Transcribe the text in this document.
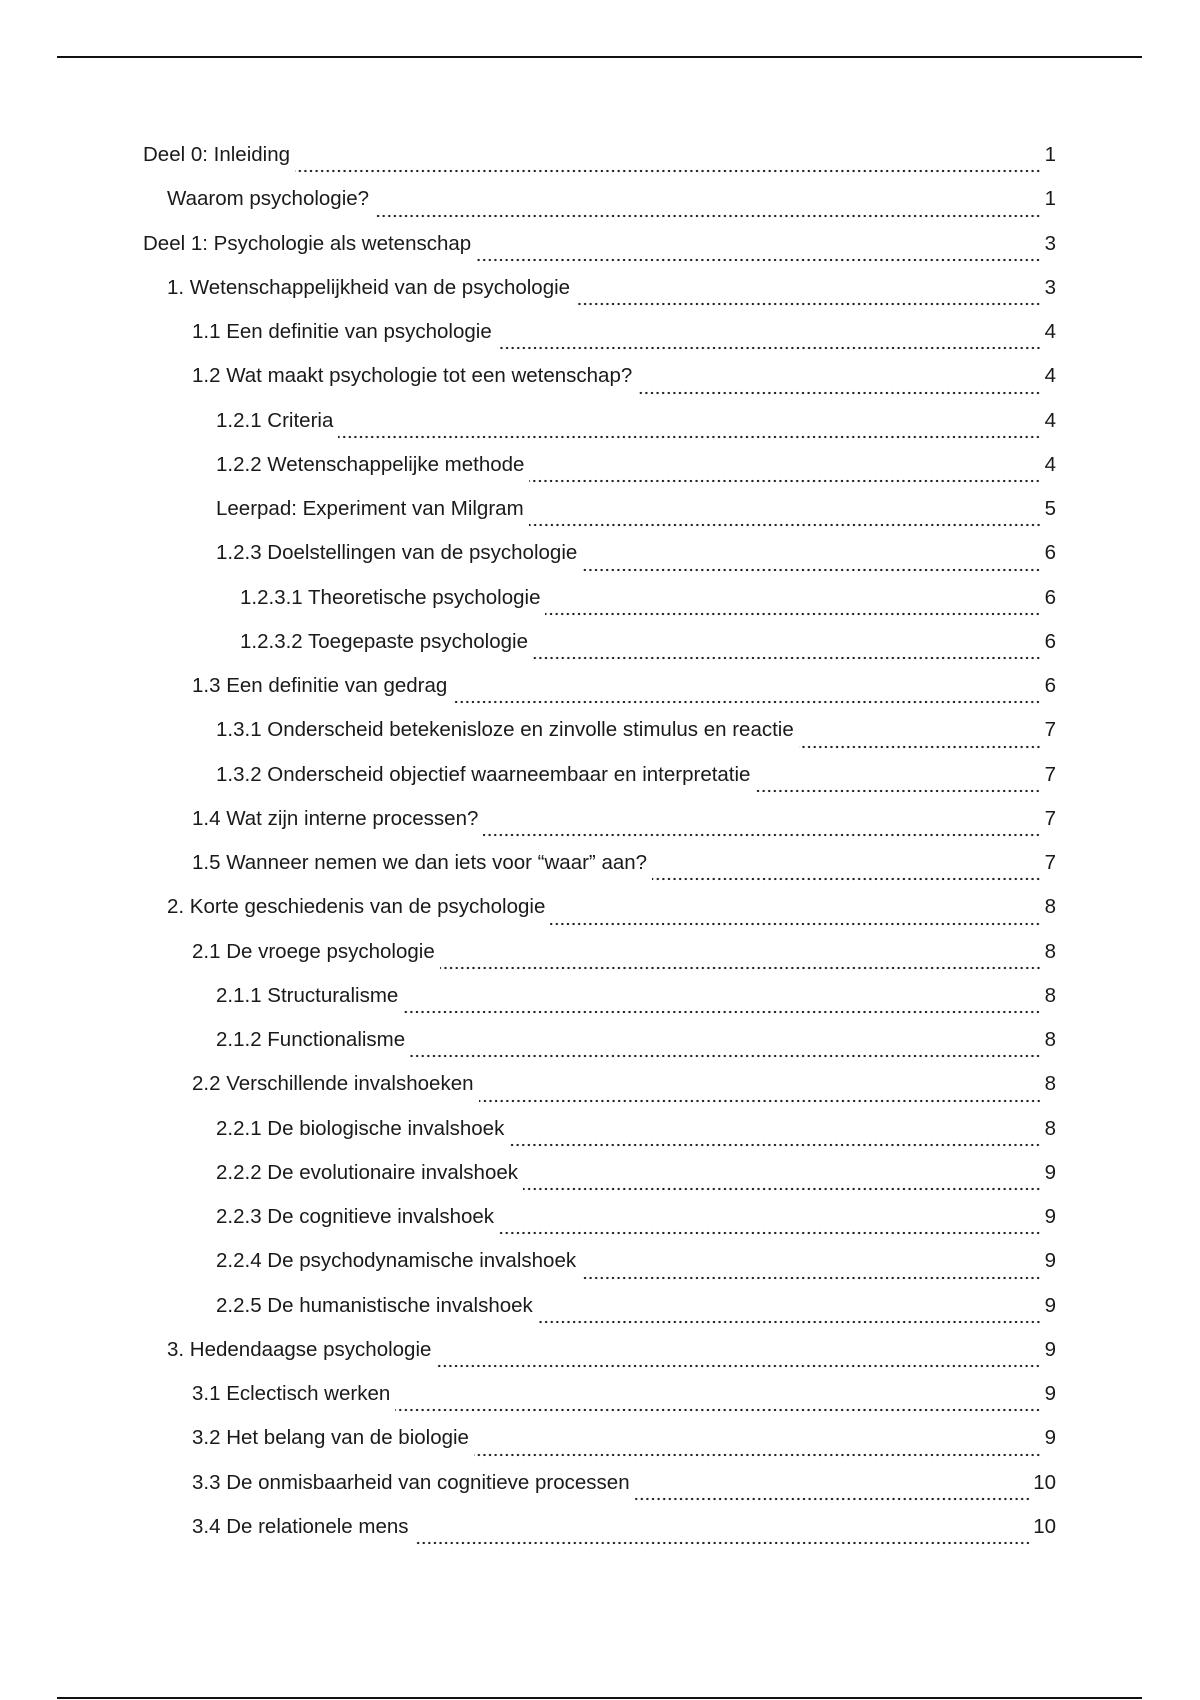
Deel 0: Inleiding	1
Waarom psychologie?	1
Deel 1: Psychologie als wetenschap	3
1. Wetenschappelijkheid van de psychologie	3
1.1 Een definitie van psychologie	4
1.2 Wat maakt psychologie tot een wetenschap?	4
1.2.1 Criteria	4
1.2.2 Wetenschappelijke methode	4
Leerpad: Experiment van Milgram	5
1.2.3 Doelstellingen van de psychologie	6
1.2.3.1 Theoretische psychologie	6
1.2.3.2 Toegepaste psychologie	6
1.3 Een definitie van gedrag	6
1.3.1 Onderscheid betekenisloze en zinvolle stimulus en reactie	7
1.3.2 Onderscheid objectief waarneembaar en interpretatie	7
1.4 Wat zijn interne processen?	7
1.5 Wanneer nemen we dan iets voor “waar” aan?	7
2. Korte geschiedenis van de psychologie	8
2.1 De vroege psychologie	8
2.1.1 Structuralisme	8
2.1.2 Functionalisme	8
2.2 Verschillende invalshoeken	8
2.2.1 De biologische invalshoek	8
2.2.2 De evolutionaire invalshoek	9
2.2.3 De cognitieve invalshoek	9
2.2.4 De psychodynamische invalshoek	9
2.2.5 De humanistische invalshoek	9
3. Hedendaagse psychologie	9
3.1 Eclectisch werken	9
3.2 Het belang van de biologie	9
3.3 De onmisbaarheid van cognitieve processen	10
3.4 De relationele mens	10
